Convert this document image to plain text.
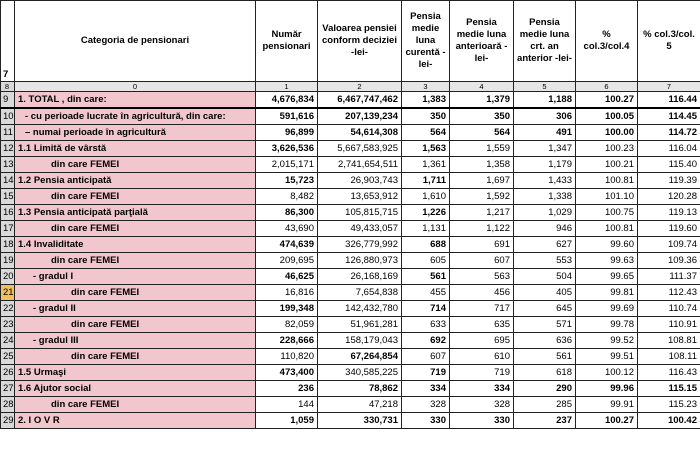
7	Categoria de pensionari	Număr pensionari	Valoarea pensiei conform deciziei -lei-	Pensia medie luna curentă -lei-	Pensia medie luna anterioară - lei-	Pensia medie luna crt. an anterior -lei-	% col.3/col.4	% col.3/col. 5
8	0	1	2	3	4	5	6	7
9	1. TOTAL , din care:	4,676,834	6,467,747,462	1,383	1,379	1,188	100.27	116.44
10	- cu perioade lucrate în agricultură, din care:	591,616	207,139,234	350	350	306	100.05	114.45
11	– numai perioade în agricultură	96,899	54,614,308	564	564	491	100.00	114.72
12	1.1 Limită de vârstă	3,626,536	5,667,583,925	1,563	1,559	1,347	100.23	116.04
13	din care FEMEI	2,015,171	2,741,654,511	1,361	1,358	1,179	100.21	115.40
14	1.2 Pensia anticipată	15,723	26,903,743	1,711	1,697	1,433	100.81	119.39
15	din care FEMEI	8,482	13,653,912	1,610	1,592	1,338	101.10	120.28
16	1.3 Pensia anticipată parţială	86,300	105,815,715	1,226	1,217	1,029	100.75	119.13
17	din care FEMEI	43,690	49,433,057	1,131	1,122	946	100.81	119.60
18	1.4 Invaliditate	474,639	326,779,992	688	691	627	99.60	109.74
19	din care FEMEI	209,695	126,880,973	605	607	553	99.63	109.36
20	- gradul I	46,625	26,168,169	561	563	504	99.65	111.37
21	din care FEMEI	16,816	7,654,838	455	456	405	99.81	112.43
22	- gradul II	199,348	142,432,780	714	717	645	99.69	110.74
23	din care FEMEI	82,059	51,961,281	633	635	571	99.78	110.91
24	- gradul III	228,666	158,179,043	692	695	636	99.52	108.81
25	din care FEMEI	110,820	67,264,854	607	610	561	99.51	108.11
26	1.5 Urmaşi	473,400	340,585,225	719	719	618	100.12	116.43
27	1.6 Ajutor social	236	78,862	334	334	290	99.96	115.15
28	din care FEMEI	144	47,218	328	328	285	99.91	115.23
29	2. I O V R	1,059	330,731	330	330	237	100.27	100.42
